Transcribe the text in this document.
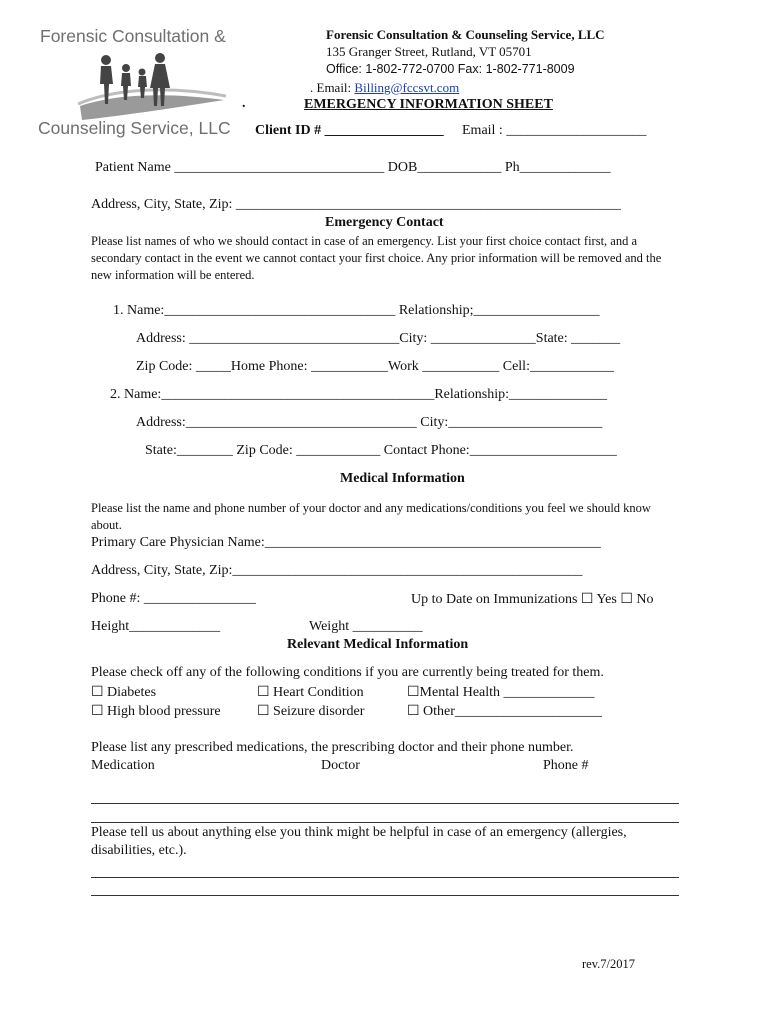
Forensic Consultation &
Counseling Service, LLC
Forensic Consultation & Counseling Service, LLC
135 Granger Street, Rutland, VT 05701
Office: 1-802-772-0700 Fax: 1-802-771-8009
. Email: Billing@fccsvt.com
.	EMERGENCY INFORMATION SHEET
Client ID # _________________ Email : ____________________
Patient Name ______________________________ DOB____________ Ph_____________
Address, City, State, Zip: _______________________________________________________
Emergency Contact
Please list names of who we should contact in case of an emergency. List your first choice contact first, and a secondary contact in the event we cannot contact your first choice. Any prior information will be removed and the new information will be entered.
1. Name:_________________________________ Relationship;__________________
Address: ______________________________City: _______________State: _______
Zip Code: _____Home Phone: ___________Work ___________ Cell:____________
2. Name:_______________________________________Relationship:______________
Address:_________________________________ City:______________________
State:________ Zip Code: ____________ Contact Phone:_____________________
Medical Information
Please list the name and phone number of your doctor and any medications/conditions you feel we should know about.
Primary Care Physician Name:________________________________________________
Address, City, State, Zip:__________________________________________________
Phone #: ________________	Up to Date on Immunizations ☐ Yes ☐ No
Height_____________	Weight __________
Relevant Medical Information
Please check off any of the following conditions if you are currently being treated for them.
☐ Diabetes	☐ Heart Condition	☐Mental Health _____________
☐ High blood pressure	☐ Seizure disorder	☐ Other_____________________
Please list any prescribed medications, the prescribing doctor and their phone number.
Medication	Doctor	Phone #
Please tell us about anything else you think might be helpful in case of an emergency (allergies, disabilities, etc.).
rev.7/2017
